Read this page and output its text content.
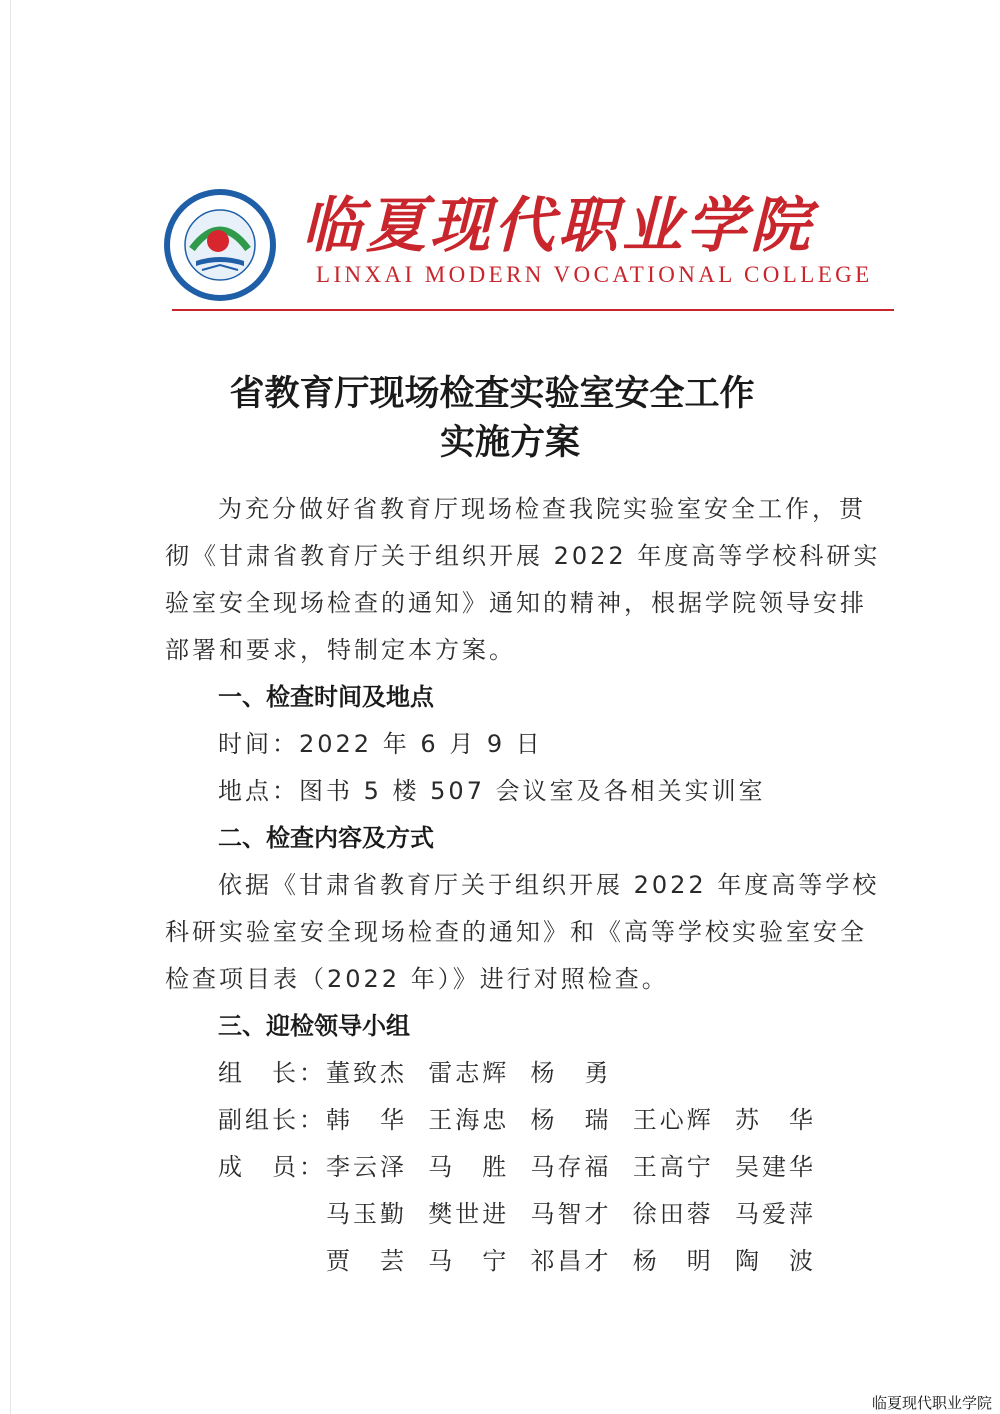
临夏现代职业学院
LINXAI MODERN VOCATIONAL COLLEGE
省教育厅现场检查实验室安全工作
实施方案
为充分做好省教育厅现场检查我院实验室安全工作，贯
彻《甘肃省教育厅关于组织开展 2022 年度高等学校科研实
验室安全现场检查的通知》通知的精神，根据学院领导安排
部署和要求，特制定本方案。
一、检查时间及地点
时间：2022 年 6 月 9 日
地点：图书 5 楼 507 会议室及各相关实训室
二、检查内容及方式
依据《甘肃省教育厅关于组织开展 2022 年度高等学校
科研实验室安全现场检查的通知》和《高等学校实验室安全
检查项目表（2022 年）》进行对照检查。
三、迎检领导小组
组　长：董致杰  雷志辉  杨　勇
副组长：韩　华  王海忠  杨　瑞  王心辉  苏　华
成　员：李云泽  马　胜  马存福  王高宁  吴建华
　　　　马玉勤  樊世进  马智才  徐田蓉  马爱萍
　　　　贾　芸  马　宁  祁昌才  杨　明  陶　波
临夏现代职业学院
